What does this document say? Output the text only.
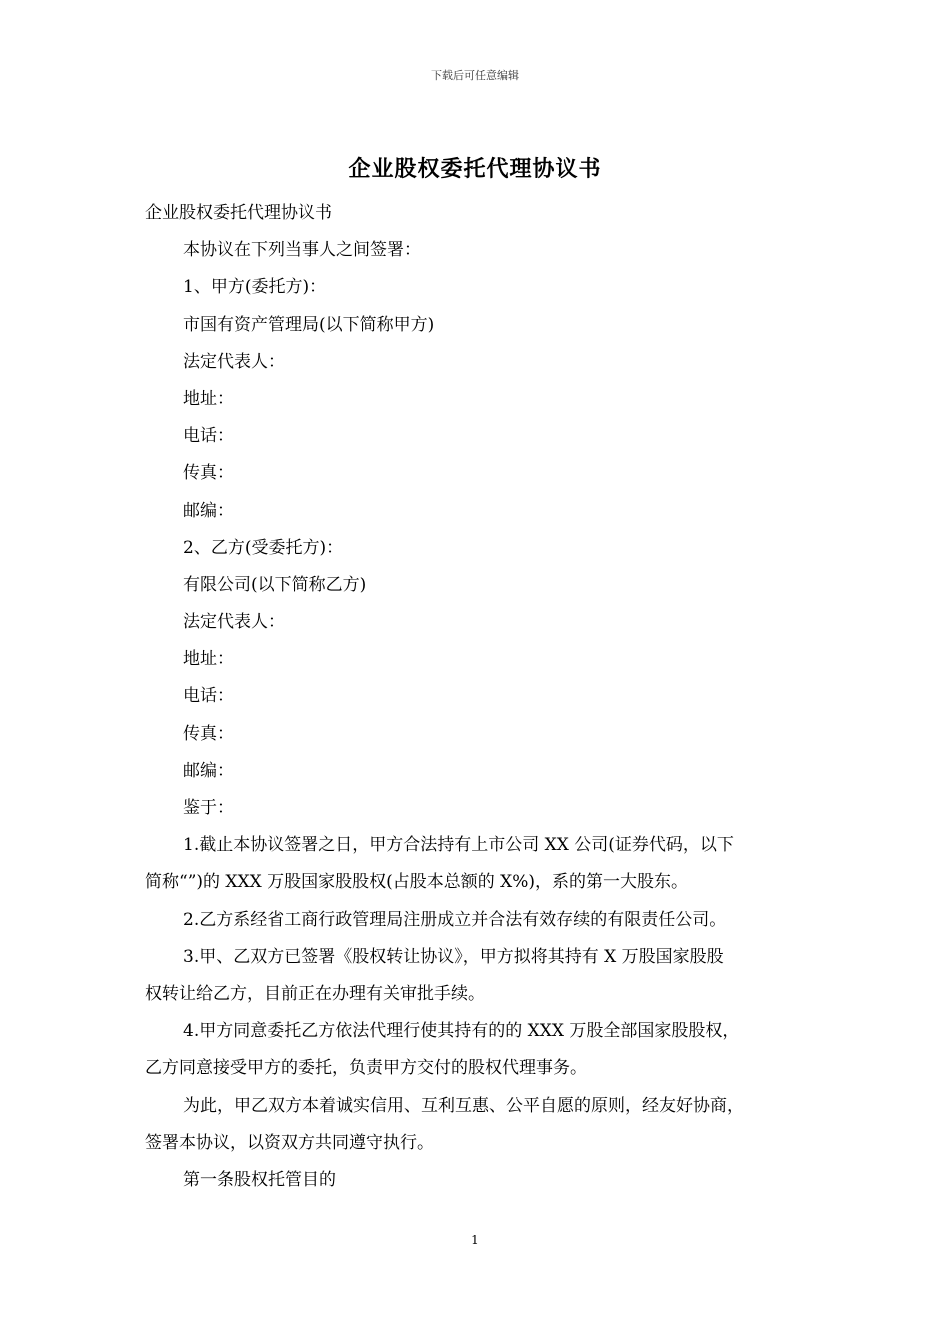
下载后可任意编辑
企业股权委托代理协议书
企业股权委托代理协议书
本协议在下列当事人之间签署：
1、甲方(委托方)：
市国有资产管理局(以下简称甲方)
法定代表人：
地址：
电话：
传真：
邮编：
2、乙方(受委托方)：
有限公司(以下简称乙方)
法定代表人：
地址：
电话：
传真：
邮编：
鉴于：
1.截止本协议签署之日，甲方合法持有上市公司 XX 公司(证券代码，以下
简称“”)的 XXX 万股国家股股权(占股本总额的 X%)，系的第一大股东。
2.乙方系经省工商行政管理局注册成立并合法有效存续的有限责任公司。
3.甲、乙双方已签署《股权转让协议》，甲方拟将其持有 X 万股国家股股
权转让给乙方，目前正在办理有关审批手续。
4.甲方同意委托乙方依法代理行使其持有的的 XXX 万股全部国家股股权，
乙方同意接受甲方的委托，负责甲方交付的股权代理事务。
为此，甲乙双方本着诚实信用、互利互惠、公平自愿的原则，经友好协商，
签署本协议，以资双方共同遵守执行。
第一条股权托管目的
1
